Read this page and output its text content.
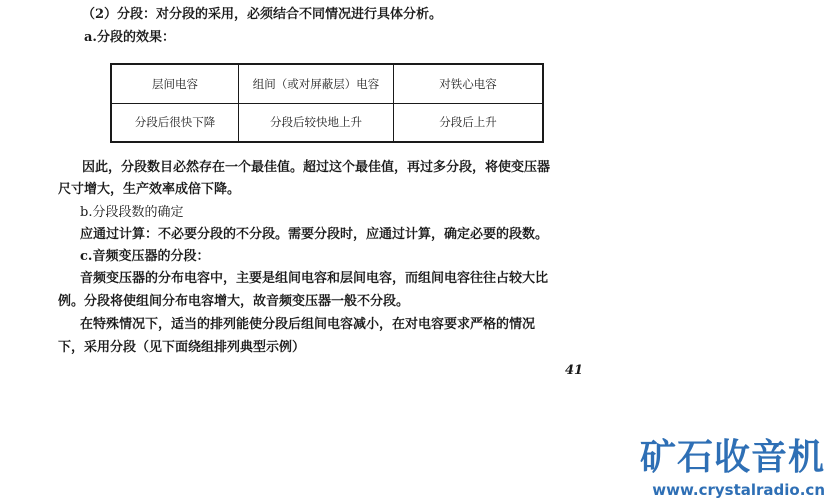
（2）分段：对分段的采用，必须结合不同情况进行具体分析。
a.分段的效果：
层间电容	组间（或对屏蔽层）电容	对铁心电容
分段后很快下降	分段后较快地上升	分段后上升
因此，分段数目必然存在一个最佳值。超过这个最佳值，再过多分段，将使变压器
尺寸增大，生产效率成倍下降。
b.分段段数的确定
应通过计算：不必要分段的不分段。需要分段时，应通过计算，确定必要的段数。
c.音频变压器的分段：
音频变压器的分布电容中，主要是组间电容和层间电容，而组间电容往往占较大比
例。分段将使组间分布电容增大，故音频变压器一般不分段。
在特殊情况下，适当的排列能使分段后组间电容减小，在对电容要求严格的情况
下，采用分段（见下面绕组排列典型示例）
41
矿石收音机
www.crystalradio.cn
